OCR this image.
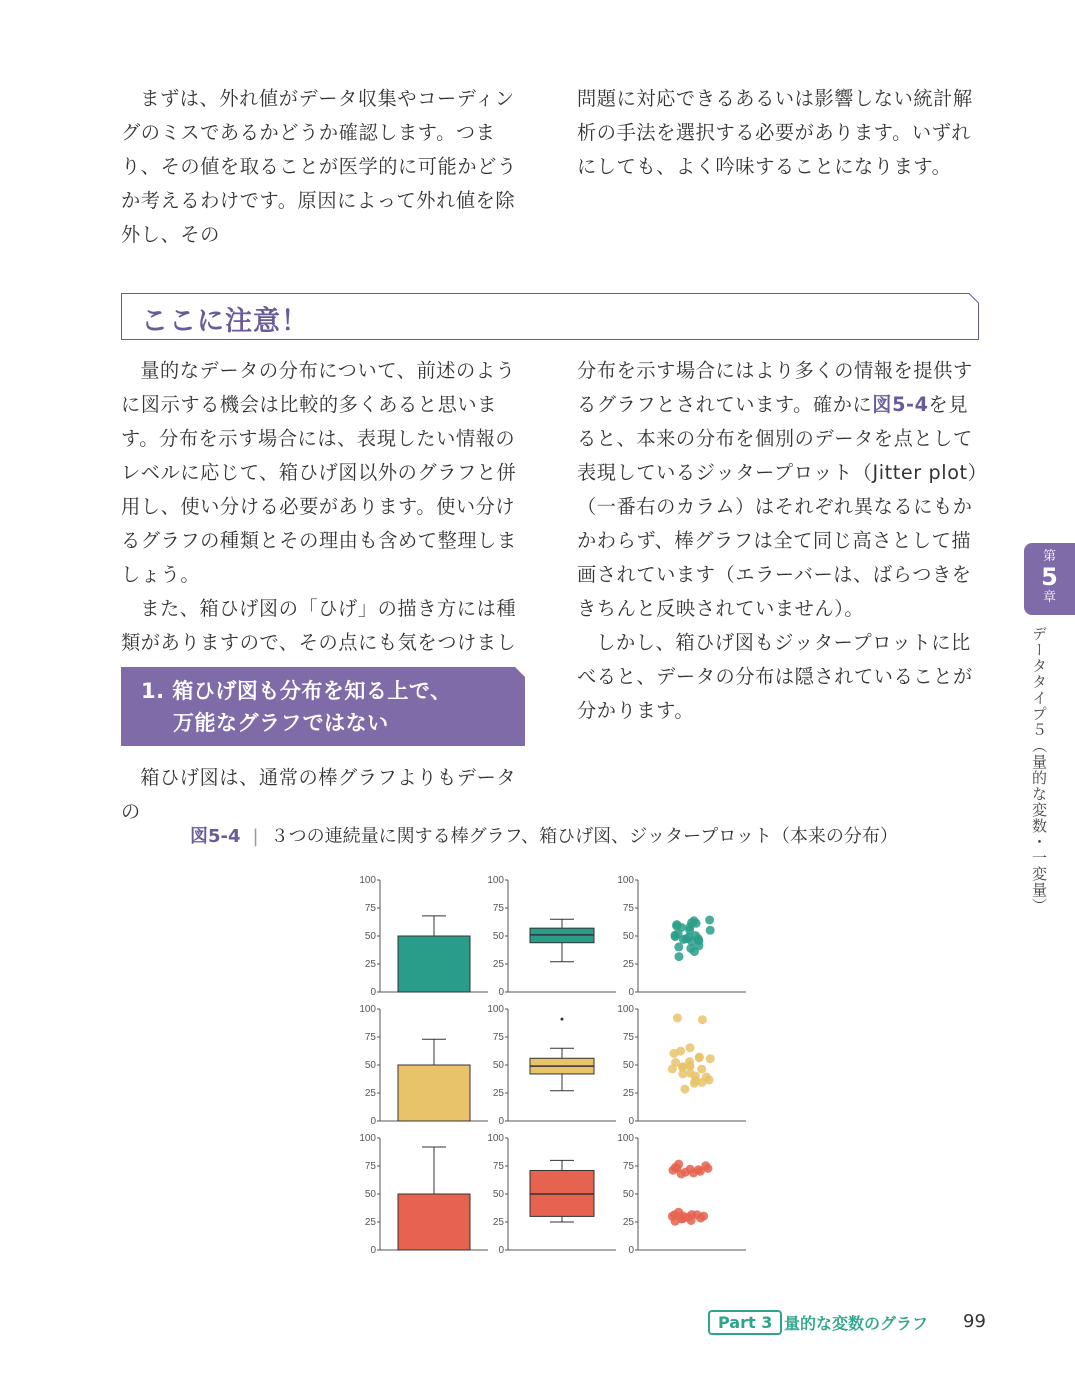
まずは、外れ値がデータ収集やコーディングのミスであるかどうか確認します。つまり、その値を取ることが医学的に可能かどうか考えるわけです。原因によって外れ値を除外し、その

問題に対応できるあるいは影響しない統計解析の手法を選択する必要があります。いずれにしても、よく吟味することになります。

ここに注意！

量的なデータの分布について、前述のように図示する機会は比較的多くあると思います。分布を示す場合には、表現したい情報のレベルに応じて、箱ひげ図以外のグラフと併用し、使い分ける必要があります。使い分けるグラフの種類とその理由も含めて整理しましょう。

また、箱ひげ図の「ひげ」の描き方には種類がありますので、その点にも気をつけまし

1. 箱ひげ図も分布を知る上で、
万能なグラフではない

箱ひげ図は、通常の棒グラフよりもデータの

分布を示す場合にはより多くの情報を提供するグラフとされています。確かに図5-4を見ると、本来の分布を個別のデータを点として表現しているジッタープロット（Jitter plot）（一番右のカラム）はそれぞれ異なるにもかかわらず、棒グラフは全て同じ高さとして描画されています（エラーバーは、ばらつきをきちんと反映されていません）。

しかし、箱ひげ図もジッタープロットに比べると、データの分布は隠されていることが分かります。

図5-4 | ３つの連続量に関する棒グラフ、箱ひげ図、ジッタープロット（本来の分布）
0
25
50
75
100
0
25
50
75
100
0
25
50
75
100
0
25
50
75
100
0
25
50
75
100
0
25
50
75
100
0
25
50
75
100
0
25
50
75
100
0
25
50
75
100
第
5
章
データタイプ５（量的な変数・一変量）
Part 3 量的な変数のグラフ 99
